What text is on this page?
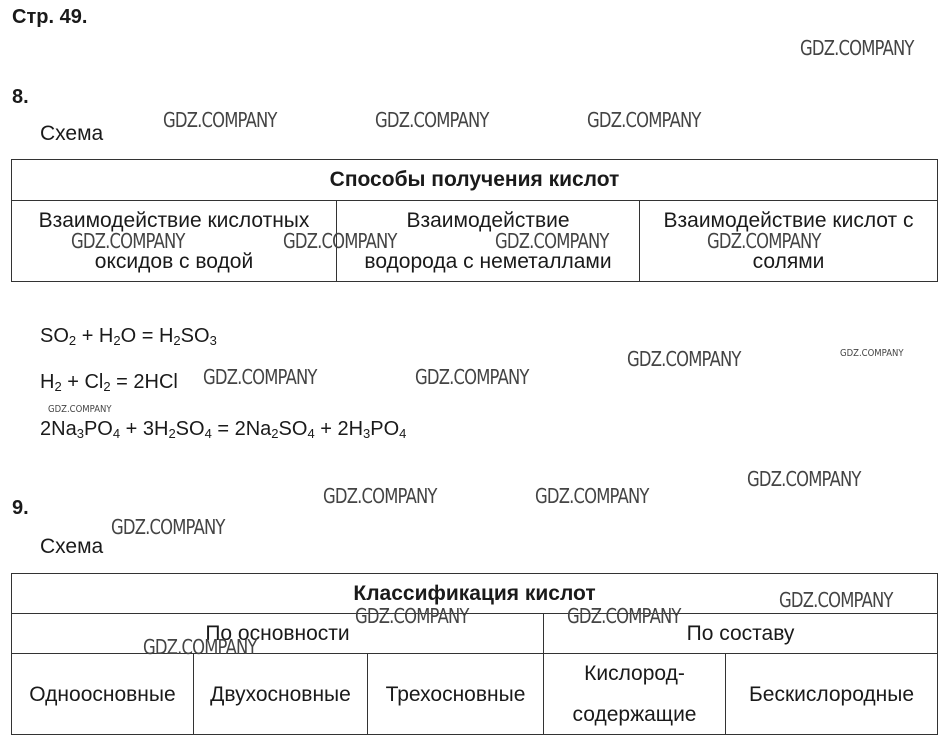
Стр. 49.
8.
Схема
Способы получения кислот

Взаимодействие кислотных
оксидов с водой

Взаимодействие
водорода с неметаллами

Взаимодействие кислот с
солями
$SO_2 + H_2O = H_2SO_3$
$H_2 + Cl_2 = 2HCl$
$2Na_3PO_4 + 3H_2SO_4 = 2Na_2SO_4 + 2H_3PO_4$
9.
Схема
Классификация кислот				
По основности			По составу	
Одноосновные	Двухосновные	Трехосновные	Кислород-
содержащие	Бескислородные
GDZ.COMPANY
GDZ.COMPANY	GDZ.COMPANY	GDZ.COMPANY
GDZ.COMPANY	GDZ.COMPANY	GDZ.COMPANY	GDZ.COMPANY
GDZ.COMPANY	GDZ.COMPANY
GDZ.COMPANY	GDZ.COMPANY
GDZ.COMPANY
GDZ.COMPANY
GDZ.COMPANY	GDZ.COMPANY
GDZ.COMPANY
GDZ.COMPANY
GDZ.COMPANY	GDZ.COMPANY
GDZ.COMPANY
